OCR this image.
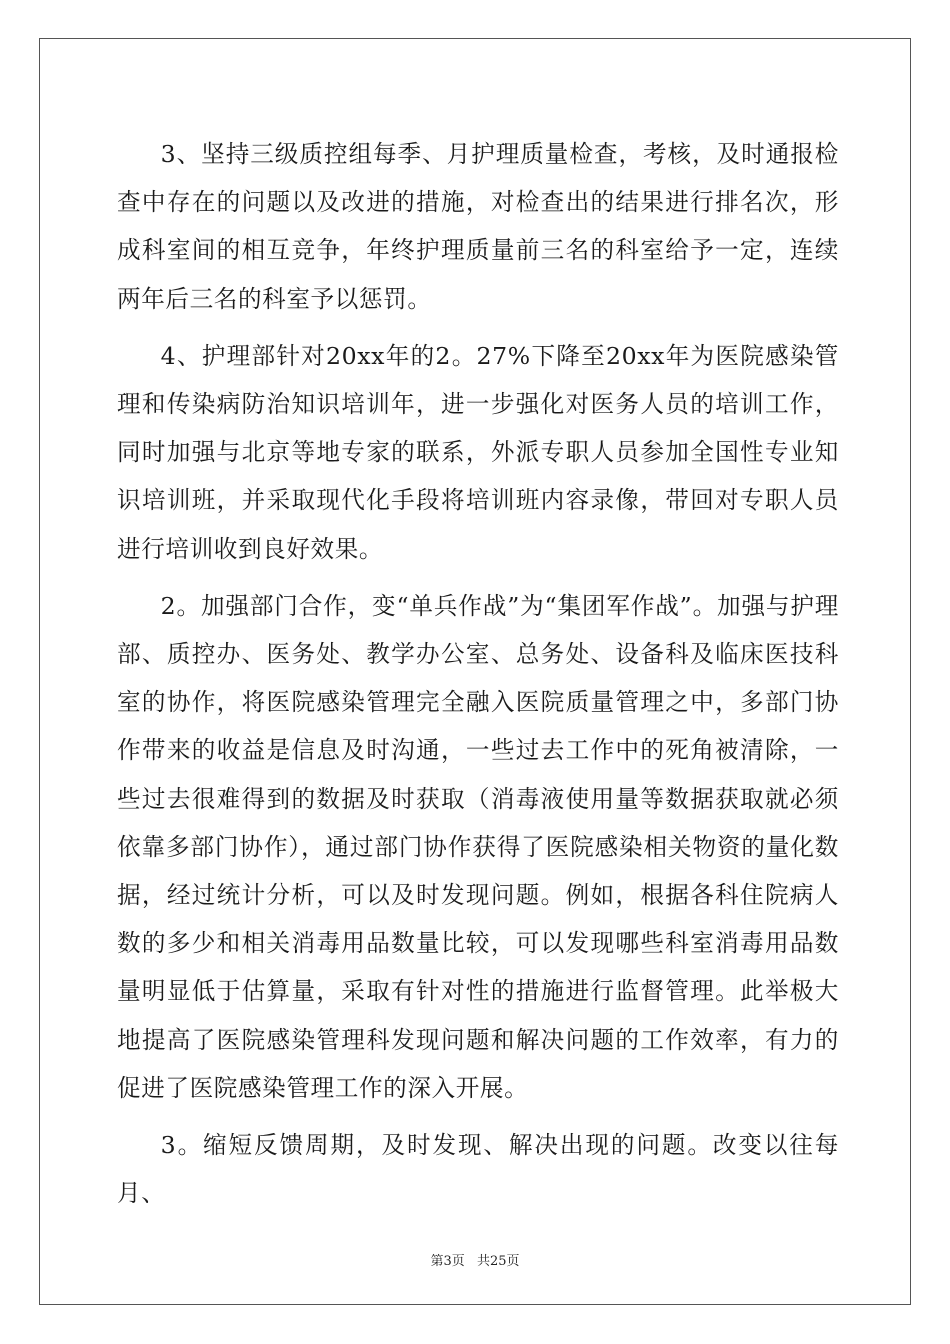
3、坚持三级质控组每季、月护理质量检查，考核，及时通报检查中存在的问题以及改进的措施，对检查出的结果进行排名次，形成科室间的相互竞争，年终护理质量前三名的科室给予一定，连续两年后三名的科室予以惩罚。

4、护理部针对20xx年的2。27%下降至20xx年为医院感染管理和传染病防治知识培训年，进一步强化对医务人员的培训工作，同时加强与北京等地专家的联系，外派专职人员参加全国性专业知识培训班，并采取现代化手段将培训班内容录像，带回对专职人员进行培训收到良好效果。

2。加强部门合作，变“单兵作战”为“集团军作战”。加强与护理部、质控办、医务处、教学办公室、总务处、设备科及临床医技科室的协作，将医院感染管理完全融入医院质量管理之中，多部门协作带来的收益是信息及时沟通，一些过去工作中的死角被清除，一些过去很难得到的数据及时获取（消毒液使用量等数据获取就必须依靠多部门协作），通过部门协作获得了医院感染相关物资的量化数据，经过统计分析，可以及时发现问题。例如，根据各科住院病人数的多少和相关消毒用品数量比较，可以发现哪些科室消毒用品数量明显低于估算量，采取有针对性的措施进行监督管理。此举极大地提高了医院感染管理科发现问题和解决问题的工作效率，有力的促进了医院感染管理工作的深入开展。

3。缩短反馈周期，及时发现、解决出现的问题。改变以往每月、

第3页 共25页
